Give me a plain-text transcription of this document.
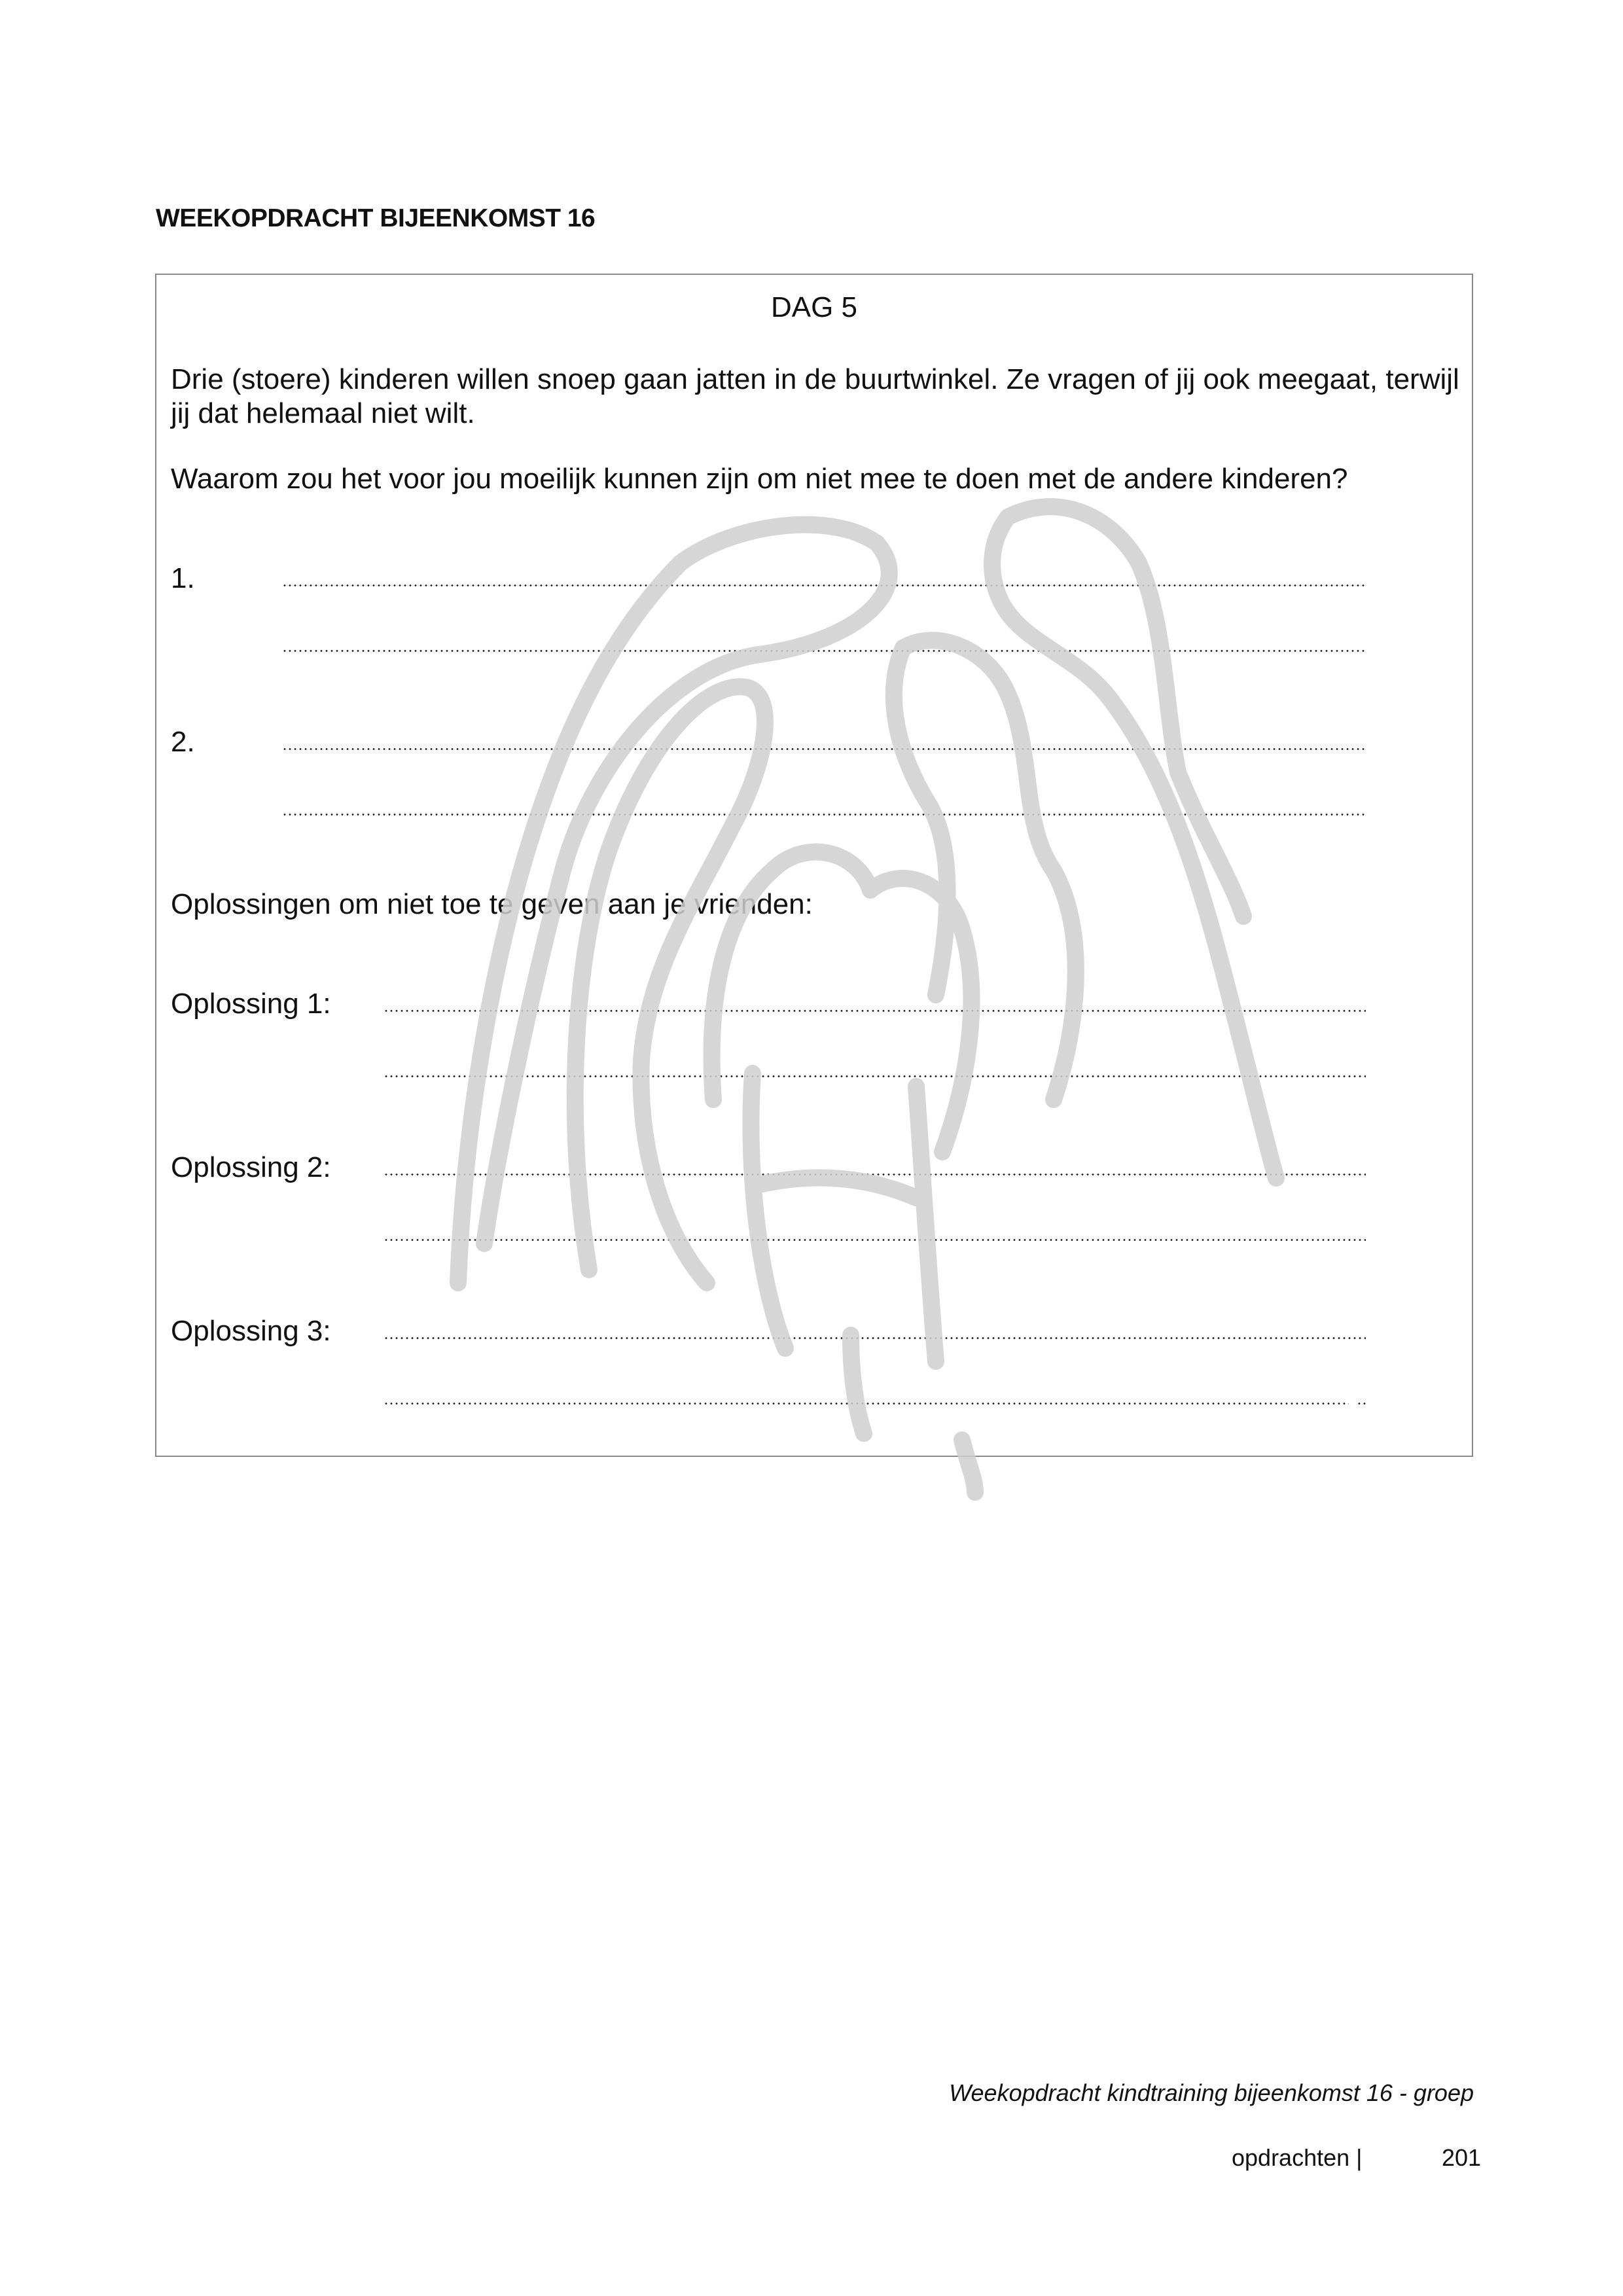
WEEKOPDRACHT BIJEENKOMST 16
DAG 5
Drie (stoere) kinderen willen snoep gaan jatten in de buurtwinkel. Ze vragen of jij ook meegaat, terwijl jij dat helemaal niet wilt.
Waarom zou het voor jou moeilijk kunnen zijn om niet mee te doen met de andere kinderen?
1.
2.
Oplossingen om niet toe te geven aan je vrienden:
Oplossing 1:
Oplossing 2:
Oplossing 3:

Weekopdracht kindtraining bijeenkomst 16 - groep

opdrachten |	201
